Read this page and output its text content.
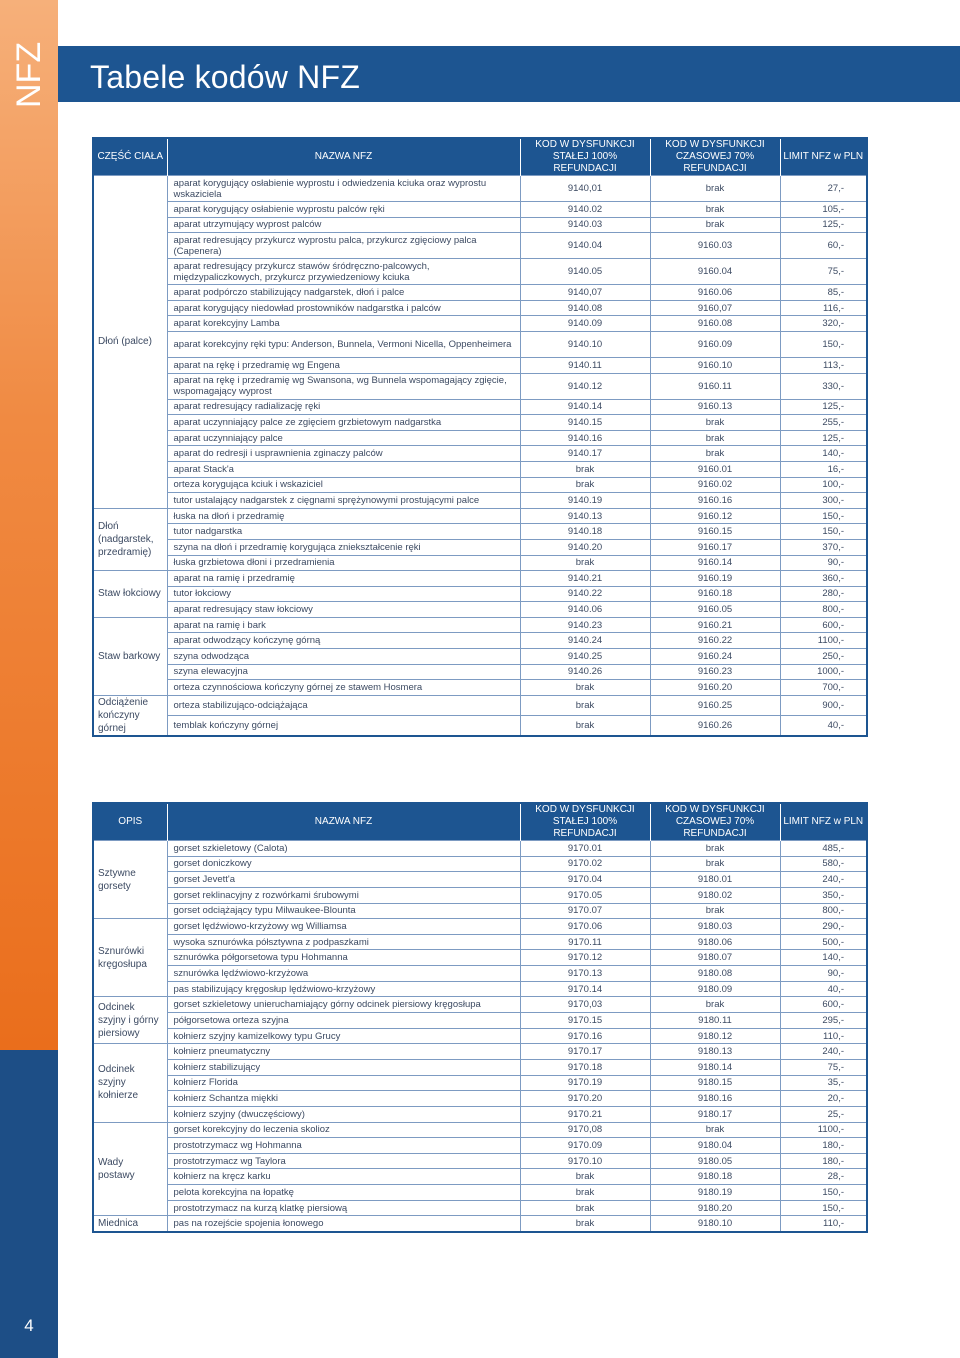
NFZ
4
Tabele kodów NFZ
CZĘŚĆ CIAŁA	NAZWA NFZ	KOD W DYSFUNKCJI STAŁEJ 100% REFUNDACJI	KOD W DYSFUNKCJI CZASOWEJ 70% REFUNDACJI	LIMIT NFZ w PLN
Dłoń (palce)	aparat korygujący osłabienie wyprostu i odwiedzenia kciuka oraz wyprostu wskaziciela	9140,01	brak	27,-
	aparat korygujący osłabienie wyprostu palców ręki	9140.02	brak	105,-
	aparat utrzymujący wyprost palców	9140.03	brak	125,-
	aparat redresujący przykurcz wyprostu palca, przykurcz zgięciowy palca (Capenera)	9140.04	9160.03	60,-
	aparat redresujący przykurcz stawów śródręczno-palcowych, międzypaliczkowych, przykurcz przywiedzeniowy kciuka	9140.05	9160.04	75,-
	aparat podpórczo stabilizujący nadgarstek, dłoń i palce	9140,07	9160.06	85,-
	aparat korygujący niedowład prostowników nadgarstka i palców	9140.08	9160,07	116,-
	aparat korekcyjny Lamba	9140.09	9160.08	320,-
	aparat korekcyjny ręki typu: Anderson, Bunnela, Vermoni Nicella, Oppenheimera	9140.10	9160.09	150,-
	aparat na rękę i przedramię wg Engena	9140.11	9160.10	113,-
	aparat na rękę i przedramię wg Swansona, wg Bunnela wspomagający zgięcie, wspomagający wyprost	9140.12	9160.11	330,-
	aparat redresujący radializację ręki	9140.14	9160.13	125,-
	aparat uczynniający palce ze zgięciem grzbietowym nadgarstka	9140.15	brak	255,-
	aparat uczynniający palce	9140.16	brak	125,-
	aparat do redresji i usprawnienia zginaczy palców	9140.17	brak	140,-
	aparat Stack'a	brak	9160.01	16,-
	orteza korygująca kciuk i wskaziciel	brak	9160.02	100,-
	tutor ustalający nadgarstek z cięgnami sprężynowymi prostującymi palce	9140.19	9160.16	300,-
Dłoń (nadgarstek, przedramię)	łuska na dłoń i przedramię	9140.13	9160.12	150,-
	tutor nadgarstka	9140.18	9160.15	150,-
	szyna na dłoń i przedramię korygująca zniekształcenie ręki	9140.20	9160.17	370,-
	łuska grzbietowa dłoni i przedramienia	brak	9160.14	90,-
Staw łokciowy	aparat na ramię i przedramię	9140.21	9160.19	360,-
	tutor łokciowy	9140.22	9160.18	280,-
	aparat redresujący staw łokciowy	9140.06	9160.05	800,-
Staw barkowy	aparat na ramię i bark	9140.23	9160.21	600,-
	aparat odwodzący kończynę górną	9140.24	9160.22	1100,-
	szyna odwodząca	9140.25	9160.24	250,-
	szyna elewacyjna	9140.26	9160.23	1000,-
	orteza czynnościowa kończyny górnej ze stawem Hosmera	brak	9160.20	700,-
Odciążenie kończyny górnej	orteza stabilizująco-odciążająca	brak	9160.25	900,-
	temblak kończyny górnej	brak	9160.26	40,-
OPIS	NAZWA NFZ	KOD W DYSFUNKCJI STAŁEJ 100% REFUNDACJI	KOD W DYSFUNKCJI CZASOWEJ 70% REFUNDACJI	LIMIT NFZ w PLN
Sztywne gorsety	gorset szkieletowy (Calota)	9170.01	brak	485,-
	gorset doniczkowy	9170.02	brak	580,-
	gorset Jevett'a	9170.04	9180.01	240,-
	gorset reklinacyjny z rozwórkami śrubowymi	9170.05	9180.02	350,-
	gorset odciążający typu Milwaukee-Blounta	9170.07	brak	800,-
Sznurówki kręgosłupa	gorset lędźwiowo-krzyżowy wg Williamsa	9170.06	9180.03	290,-
	wysoka sznurówka półsztywna z podpaszkami	9170.11	9180.06	500,-
	sznurówka półgorsetowa typu Hohmanna	9170.12	9180.07	140,-
	sznurówka lędźwiowo-krzyżowa	9170.13	9180.08	90,-
	pas stabilizujący kręgosłup lędźwiowo-krzyżowy	9170.14	9180.09	40,-
Odcinek szyjny i górny piersiowy	gorset szkieletowy unieruchamiający górny odcinek piersiowy kręgosłupa	9170,03	brak	600,-
	półgorsetowa orteza szyjna	9170.15	9180.11	295,-
	kołnierz szyjny kamizelkowy typu Grucy	9170.16	9180.12	110,-
Odcinek szyjny kołnierze	kołnierz pneumatyczny	9170.17	9180.13	240,-
	kołnierz stabilizujący	9170.18	9180.14	75,-
	kołnierz Florida	9170.19	9180.15	35,-
	kołnierz Schantza miękki	9170.20	9180.16	20,-
	kołnierz szyjny (dwuczęściowy)	9170.21	9180.17	25,-
Wady postawy	gorset korekcyjny do leczenia skolioz	9170,08	brak	1100,-
	prostotrzymacz wg Hohmanna	9170.09	9180.04	180,-
	prostotrzymacz wg Taylora	9170.10	9180.05	180,-
	kołnierz na kręcz karku	brak	9180.18	28,-
	pelota korekcyjna na łopatkę	brak	9180.19	150,-
	prostotrzymacz na kurzą klatkę piersiową	brak	9180.20	150,-
Miednica	pas na rozejście spojenia łonowego	brak	9180.10	110,-
